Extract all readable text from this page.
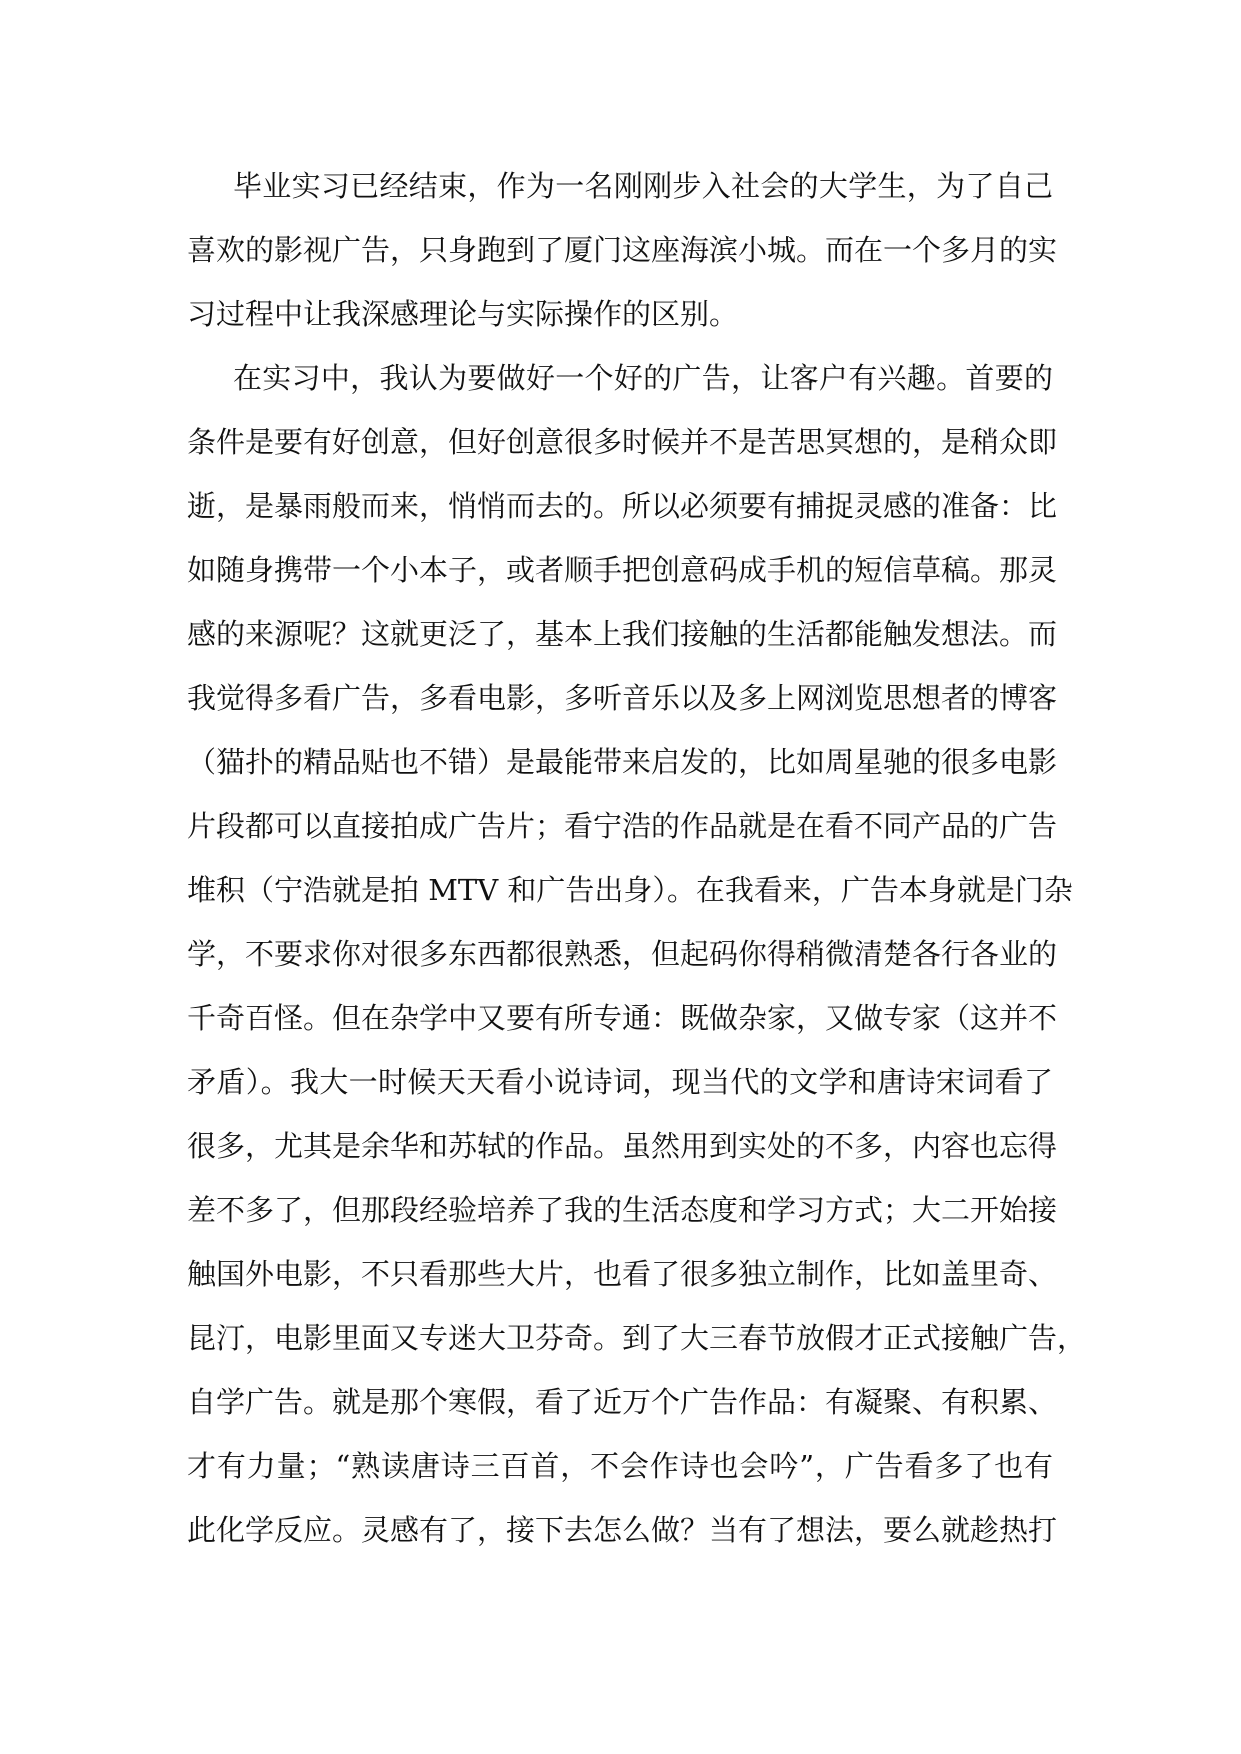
毕业实习已经结束，作为一名刚刚步入社会的大学生，为了自己
喜欢的影视广告，只身跑到了厦门这座海滨小城。而在一个多月的实
习过程中让我深感理论与实际操作的区别。
在实习中，我认为要做好一个好的广告，让客户有兴趣。首要的
条件是要有好创意，但好创意很多时候并不是苦思冥想的，是稍众即
逝，是暴雨般而来，悄悄而去的。所以必须要有捕捉灵感的准备：比
如随身携带一个小本子，或者顺手把创意码成手机的短信草稿。那灵
感的来源呢？这就更泛了，基本上我们接触的生活都能触发想法。而
我觉得多看广告，多看电影，多听音乐以及多上网浏览思想者的博客
（猫扑的精品贴也不错）是最能带来启发的，比如周星驰的很多电影
片段都可以直接拍成广告片；看宁浩的作品就是在看不同产品的广告
堆积（宁浩就是拍 MTV 和广告出身）。在我看来，广告本身就是门杂
学，不要求你对很多东西都很熟悉，但起码你得稍微清楚各行各业的
千奇百怪。但在杂学中又要有所专通：既做杂家，又做专家（这并不
矛盾）。我大一时候天天看小说诗词，现当代的文学和唐诗宋词看了
很多，尤其是余华和苏轼的作品。虽然用到实处的不多，内容也忘得
差不多了，但那段经验培养了我的生活态度和学习方式；大二开始接
触国外电影，不只看那些大片，也看了很多独立制作，比如盖里奇、
昆汀，电影里面又专迷大卫芬奇。到了大三春节放假才正式接触广告，
自学广告。就是那个寒假，看了近万个广告作品：有凝聚、有积累、
才有力量；“熟读唐诗三百首，不会作诗也会吟”，广告看多了也有
此化学反应。灵感有了，接下去怎么做？当有了想法，要么就趁热打
